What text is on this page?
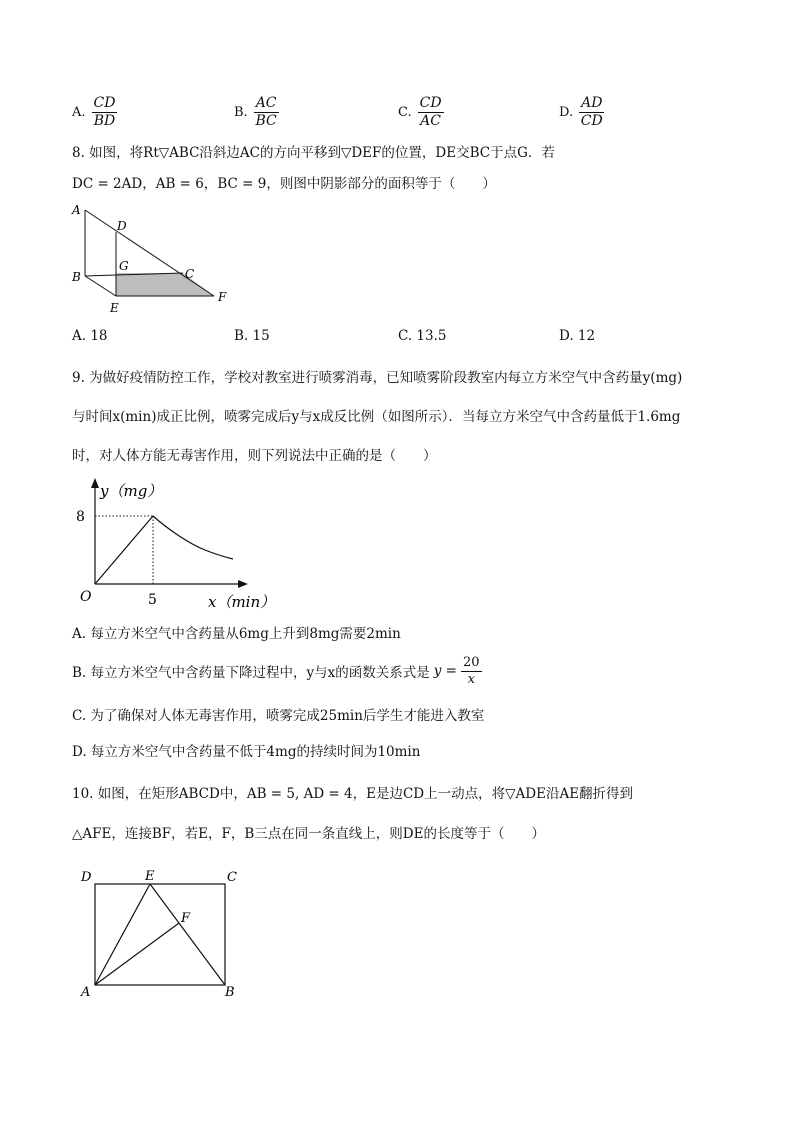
A. $\frac{CD}{BD}$	B. $\frac{AC}{BC}$	C. $\frac{CD}{AC}$	D. $\frac{AD}{CD}$
8. 如图，将Rt▽ABC沿斜边AC的方向平移到▽DEF的位置，DE交BC于点G．若
DC = 2AD，AB = 6，BC = 9，则图中阴影部分的面积等于（　　）
A
D
B
G
C
E
F
A. 18	B. 15	C. 13.5	D. 12
9. 为做好疫情防控工作，学校对教室进行喷雾消毒，已知喷雾阶段教室内每立方米空气中含药量y(mg)
与时间x(min)成正比例，喷雾完成后y与x成反比例（如图所示）．当每立方米空气中含药量低于1.6mg
时，对人体方能无毒害作用，则下列说法中正确的是（　　）
y（mg）
8
O	5	x（min）
A. 每立方米空气中含药量从6mg上升到8mg需要2min
B. 每立方米空气中含药量下降过程中，y与x的函数关系式是 $y = \frac{20}{x}$
C. 为了确保对人体无毒害作用，喷雾完成25min后学生才能进入教室
D. 每立方米空气中含药量不低于4mg的持续时间为10min
10. 如图，在矩形ABCD中，AB = 5, AD = 4，E是边CD上一动点，将▽ADE沿AE翻折得到
△AFE，连接BF，若E，F，B三点在同一条直线上，则DE的长度等于（　　）
D	E	C
F
A	B
